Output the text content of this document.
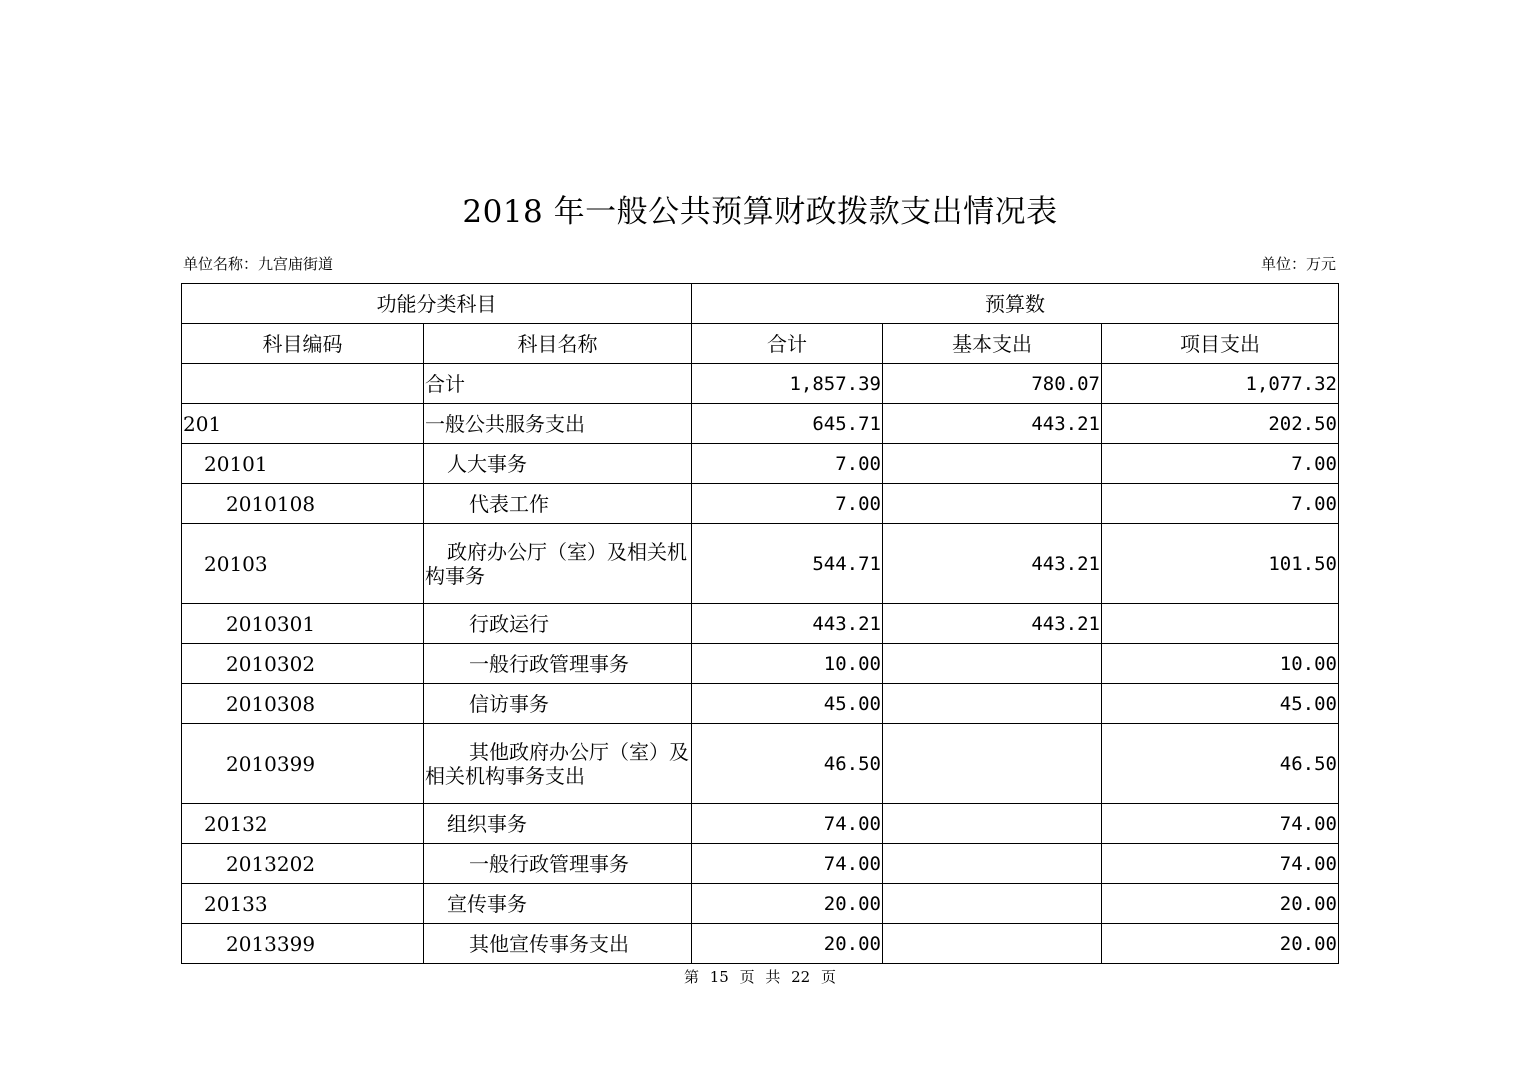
2018 年一般公共预算财政拨款支出情况表
单位名称：九宫庙街道	单位：万元
功能分类科目		预算数		
科目编码	科目名称	合计	基本支出	项目支出
	合计	1,857.39	780.07	1,077.32
201	一般公共服务支出	645.71	443.21	202.50
20101	人大事务	7.00		7.00
2010108	代表工作	7.00		7.00
20103	政府办公厅（室）及相关机构事务	544.71	443.21	101.50
2010301	行政运行	443.21	443.21	
2010302	一般行政管理事务	10.00		10.00
2010308	信访事务	45.00		45.00
2010399	其他政府办公厅（室）及相关机构事务支出	46.50		46.50
20132	组织事务	74.00		74.00
2013202	一般行政管理事务	74.00		74.00
20133	宣传事务	20.00		20.00
2013399	其他宣传事务支出	20.00		20.00
第 15 页 共 22 页
